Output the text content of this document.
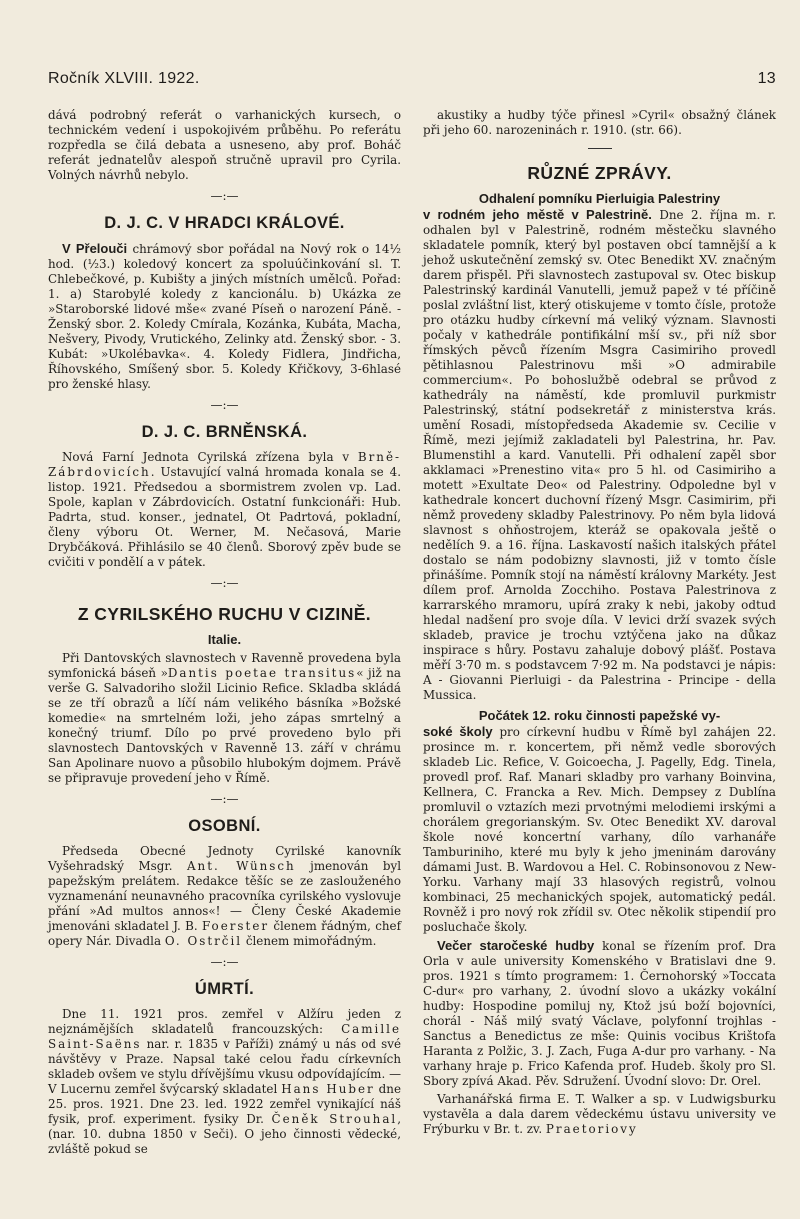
Ročník XLVIII. 1922.	13

dává podrobný referát o varhanických kursech, o technickém vedení i uspokojivém průběhu. Po referátu rozpředla se čilá debata a usneseno, aby prof. Boháč referát jednatelův alespoň stručně upravil pro Cyrila. Volných návrhů nebylo.

—:—
D. J. C. V HRADCI KRÁLOVÉ.

V Přelouči chrámový sbor pořádal na Nový rok o 14½ hod. (½3.) koledový koncert za spoluúčinkování sl. T. Chlebečkové, p. Kubišty a jiných místních umělců. Pořad: 1. a) Starobylé koledy z kancionálu. b) Ukázka ze »Staroborské lidové mše« zvané Píseň o narození Páně. - Ženský sbor. 2. Koledy Cmírala, Kozánka, Kubáta, Macha, Nešvery, Pivody, Vrutického, Zelinky atd. Ženský sbor. - 3. Kubát: »Ukolébavka«. 4. Koledy Fidlera, Jindřicha, Říhovského, Smíšený sbor. 5. Koledy Křičkovy, 3-6hlasé pro ženské hlasy.

—:—
D. J. C. BRNĚNSKÁ.

Nová Farní Jednota Cyrilská zřízena byla v Brně-Zábrdovicích. Ustavující valná hromada konala se 4. listop. 1921. Předsedou a sbormistrem zvolen vp. Lad. Spole, kaplan v Zábrdovicích. Ostatní funkcionáři: Hub. Padrta, stud. konser., jednatel, Ot Padrtová, pokladní, členy výboru Ot. Werner, M. Nečasová, Marie Drybčáková. Přihlásilo se 40 členů. Sborový zpěv bude se cvičiti v pondělí a v pátek.

—:—
Z CYRILSKÉHO RUCHU V CIZINĚ.
Italie.

Při Dantovských slavnostech v Ravenně provedena byla symfonická báseň »Dantis poetae transitus« již na verše G. Salvadoriho složil Licinio Refice. Skladba skládá se ze tří obrazů a líčí nám velikého básníka »Božské komedie« na smrtelném loži, jeho zápas smrtelný a konečný triumf. Dílo po prvé provedeno bylo při slavnostech Dantovských v Ravenně 13. září v chrámu San Apolinare nuovo a působilo hlubokým dojmem. Právě se připravuje provedení jeho v Římě.

—:—
OSOBNÍ.

Předseda Obecné Jednoty Cyrilské kanovník Vyšehradský Msgr. Ant. Wünsch jmenován byl papežským prelátem. Redakce těšíc se ze zaslouženého vyznamenání neunavného pracovníka cyrilského vyslovuje přání »Ad multos annos«! — Členy České Akademie jmenováni skladatel J. B. Foerster členem řádným, chef opery Nár. Divadla O. Ostrčil členem mimořádným.

—:—
ÚMRTÍ.

Dne 11. 1921 pros. zemřel v Alžíru jeden z nejznámějších skladatelů francouzských: Camille Saint-Saëns nar. r. 1835 v Paříži) známý u nás od své návštěvy v Praze. Napsal také celou řadu církevních skladeb ovšem ve stylu dřívějšímu vkusu odpovídajícím. — V Lucernu zemřel švýcarský skladatel Hans Huber dne 25. pros. 1921. Dne 23. led. 1922 zemřel vynikající náš fysik, prof. experiment. fysiky Dr. Čeněk Strouhal, (nar. 10. dubna 1850 v Seči). O jeho činnosti vědecké, zvláště pokud se

akustiky a hudby týče přinesl »Cyril« obsažný článek při jeho 60. narozeninách r. 1910. (str. 66).

RŮZNÉ ZPRÁVY.
Odhalení pomníku Pierluigia Palestriny

v rodném jeho městě v Palestrině. Dne 2. října m. r. odhalen byl v Palestrině, rodném městečku slavného skladatele pomník, který byl postaven obcí tamnější a k jehož uskutečnění zemský sv. Otec Benedikt XV. značným darem přispěl. Při slavnostech zastupoval sv. Otec biskup Palestrinský kardinál Vanutelli, jemuž papež v té příčině poslal zvláštní list, který otiskujeme v tomto čísle, protože pro otázku hudby církevní má veliký význam. Slavnosti počaly v kathedrále pontifikální mší sv., při níž sbor římských pěvců řízením Msgra Casimiriho provedl pětihlasnou Palestrinovu mši »O admirabile commercium«. Po bohoslužbě odebral se průvod z kathedrály na náměstí, kde promluvil purkmistr Palestrinský, státní podsekretář z ministerstva krás. umění Rosadi, místopředseda Akademie sv. Cecilie v Římě, mezi jejímiž zakladateli byl Palestrina, hr. Pav. Blumenstihl a kard. Vanutelli. Při odhalení zapěl sbor akklamaci »Prenestino vita« pro 5 hl. od Casimiriho a motett »Exultate Deo« od Palestriny. Odpoledne byl v kathedrale koncert duchovní řízený Msgr. Casimirim, při němž provedeny skladby Palestrinovy. Po něm byla lidová slavnost s ohňostrojem, kteráž se opakovala ještě o nedělích 9. a 16. října. Laskavostí našich italských přátel dostalo se nám podobizny slavnosti, již v tomto čísle přinášíme. Pomník stojí na náměstí královny Markéty. Jest dílem prof. Arnolda Zocchiho. Postava Palestrinova z karrarského mramoru, upírá zraky k nebi, jakoby odtud hledal nadšení pro svoje díla. V levici drží svazek svých skladeb, pravice je trochu vztýčena jako na důkaz inspirace s hůry. Postavu zahaluje dobový plášť. Postava měří 3·70 m. s podstavcem 7·92 m. Na podstavci je nápis: A - Giovanni Pierluigi - da Palestrina - Principe - della Mussica.

Počátek 12. roku činnosti papežské vy-

soké školy pro církevní hudbu v Římě byl zahájen 22. prosince m. r. koncertem, při němž vedle sborových skladeb Lic. Refice, V. Goicoecha, J. Pagelly, Edg. Tinela, provedl prof. Raf. Manari skladby pro varhany Boinvina, Kellnera, C. Francka a Rev. Mich. Dempsey z Dublína promluvil o vztazích mezi prvotnými melodiemi irskými a chorálem gregorianským. Sv. Otec Benedikt XV. daroval škole nové koncertní varhany, dílo varhanáře Tamburiniho, které mu byly k jeho jmeninám darovány dámami Just. B. Wardovou a Hel. C. Robinsonovou z New-Yorku. Varhany mají 33 hlasových registrů, volnou kombinaci, 25 mechanických spojek, automatický pedál. Rovněž i pro nový rok zřídil sv. Otec několik stipendií pro posluchače školy.

Večer staročeské hudby konal se řízením prof. Dra Orla v aule university Komenského v Bratislavi dne 9. pros. 1921 s tímto programem: 1. Černohorský »Toccata C-dur« pro varhany, 2. úvodní slovo a ukázky vokální hudby: Hospodine pomiluj ny, Ktož jsú boží bojovníci, chorál - Náš milý svatý Václave, polyfonní trojhlas - Sanctus a Benedictus ze mše: Quinis vocibus Krištofa Haranta z Polžic, 3. J. Zach, Fuga A-dur pro varhany. - Na varhany hraje p. Frico Kafenda prof. Hudeb. školy pro Sl. Sbory zpívá Akad. Pěv. Sdružení. Úvodní slovo: Dr. Orel.

Varhanářská firma E. T. Walker a sp. v Ludwigsburku vystavěla a dala darem vědeckému ústavu university ve Frýburku v Br. t. zv. Praetoriovy
